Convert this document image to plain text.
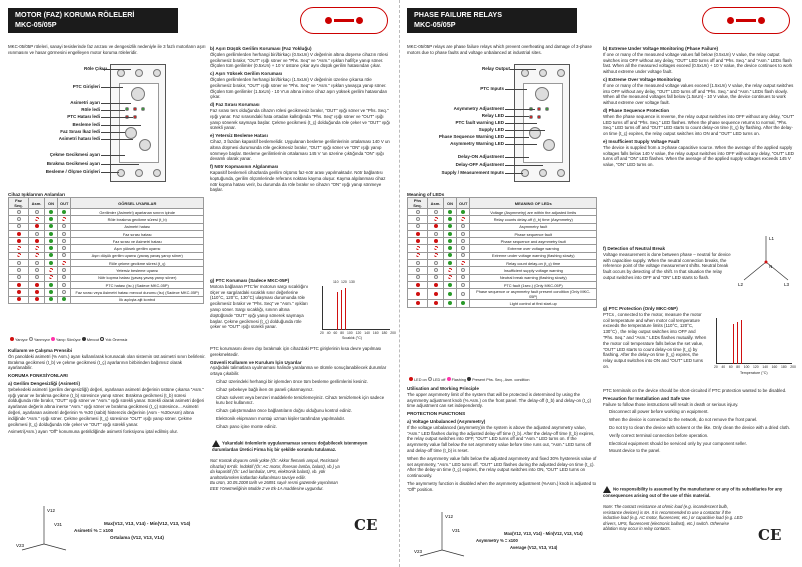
MOTOR (FAZ) KORUMA RÖLELERİ
MKC-05/05P

MKC-05/05P röleleri, sanayi tesislerinde faz arızası ve dengesizlik nedeniyle ile 3 fazlı motorların aşırı ısınmasını ve hasar görmesini engelleyen motor koruma röleleridir.

Röle Çıkışı
PTC Girişleri
Asimetri ayarı
Röle ledi
PTC Hatası ledi
Besleme ledi
Faz Sırası İkaz ledi
Asimetri hatası ledi
Çekme Gecikmesi ayarı
Bırakma Gecikmesi ayarı
Besleme / Ölçme Girişleri
Cihaz Işıklarının Anlamları
Faz Seq.	Asm.	ON	OUT	GÖRSEL UYARILAR
				Gerilimler (Asimetri) ayarlanan sınırın içinde
				Röle bırakma gecikme süresi (t_b)
				Asimetri hatası
				Faz sırası hatası
				Faz sırası ve Asimetri hatası
				Aşırı yüksek gerilim uyarısı
				Aşırı düşük gerilim uyarısı (yavaş yavaş yanıp söner)
				Röle çekme gecikme süresi (t_ç)
				Yetersiz besleme uyarısı
				Nötr kopma hatası (yavaş yavaş yanıp söner)
				PTC hatası (Isı.) (Sadece MKC-05P)
				Faz sırası veya Asimetri hatası mevcut durumu (Isı) (Sadece MKC-05P)
				İlk açılışta ajit kontrol
Yanıyor Yanmıyor Yanıp Sönüyor Mevcut Yok Önemsiz
Kullanım ve Çalışma Prensibi

Ön panoldeki asimetri (% Asm.) ayarı kullanılarak korunacak olan sistemin üst asimetri sınırı belirlenir. Bırakma gecikmesi (t_b) ve çekme gecikmesi (t_ç) ayarlarının birbirinden bağımsız olarak ayarlanabilir.

KORUMA FONKSİYONLARI
a) Gerilim Dengesizliği (Asimetri)

Şebekedeki asimetri (gerilim dengesizliği) değeri, ayarlanan asimetri değerinin üstüne çıkarsa "Asm." ışığı yanar ve bırakma gecikme (t_b) süresince yanıp söner. Bırakma gecikmesi (t_b) süresi dolduğunda röle bırakır, "OUT" ışığı söner ve "Asm." ışığı sürekli yanar. Sürekli olarak asimetri değeri ayarlanan değerin altına inerse "Asm." ışığı söner ve bırakma gecikmesi (t_ç) süresince... Asimetri değeri, ayarlanan asimetri değerinin % %30 (sabit) histerezis değerinin (Asm - %30xAsm) altına indiğinde "Asm." ışığı söner. Çekme gecikmesi (t_ç) süresince "OUT" ışığı yanıp söner. Çekme gecikmesi (t_ç) dolduğunda röle çeker ve "OUT" ışığı sürekli yanar.

Asimetri(Asm.) ayarı "Off" konumuna getirildiğinde asimetri fonksiyonu iptal edilmiş olur.

V12
V31
V23
Max(V12, V13, V14) - Min(V12, V13, V14)
Asimetri % = x100
Ortalama (V12, V13, V14)
b) Aşırı Düşük Gerilim Koruması (Faz Yokluğu)

Ölçülen gerilimlerden herhangi biri/birkaçı (0.5xUn) V değerinin altına düşerse cihazın rölesi gecikmesiz bırakır, "OUT" ışığı söner ve "Phs. Seq" ve "Asm." ışıkları hafifçe yanıp söner. Ölçülen tüm gerilimler (0.5xUn) + 10 V üstüne çıkar aynı düşük gerilim hatasından çıkar.

c) Aşırı Yüksek Gerilim Koruması

Ölçülen gerilimlerden herhangi biri/birkaçı (1.5xUn) V değerinin üzerine çıkarsa röle gecikmesiz bırakır, "OUT" ışığı söner ve "Phs. Seq" ve "Asm." ışıkları yavaşça yanıp söner. Ölçülen tüm gerilimler (1.5xUn) - 10 V'un altına inince cihaz aşırı yüksek gerilim hatasından çıkar.

d) Faz Sırası Koruması

Faz sırası ters olduğunda cihazın rölesi gecikmesiz bırakır, "OUT" ışığı söner ve "Phs. Seq." ışığı yanar. Faz sırasındaki hata ortadan kalktığında "Phs. Seq" ışığı söner ve "OUT" ışığı yanıp sönerek saymaya başlar. Çekme gecikmesi (t_ç) dolduğunda röle çeker ve "OUT" ışığı sürekli yanar.

e) Yetersiz Besleme Hatası

Cihaz, 3 fazdan kapasitif beslemelidir. Uygulanan besleme gerilimlerinin ortalaması 140 V un altına düşmesi durumunda röle gecikmesiz bırakır, "OUT" ışığı söner ve "ON" ışığı yanıp sönmeye başlar. Besleme gerilimlerinin ortalaması 145 V 'un üzerine çıktığında "ON" ışığı devamlı olarak yanar.

f) Nötr Kopmasının Algılanması

Kapasitif beslemeli cihazlarda gerilim ölçümü faz-nötr arası yapılmaktadır. Nötr bağlantısı koptuğunda, gerilim ölçümlerinde referans noktası kayma oluşur. Kayma algılanması cihaz nötr kopma hatası verir, bu durumda da röle bırakır ve cihazın "ON" ışığı yanıp sönmeye başlar.

g) PTC Koruması (Sadece MKC-05P)

Motora bağlanan PTC'ler motorun sargı sıcaklığını ölçer ve sargılardaki sıcaklık sınır değerlerine (110°C, 120°C, 130°C) ulaşması durumunda röle gecikmesiz bırakır ve "Phs. Seq" ve "Asm." ışıkları yanıp söner. Sargı sıcaklığı, sınırın altına düştüğünde "OUT" ışığı yanıp sönerek saymaya başlar. Çekme gecikmesi (t_ç) dolduğunda röle çeker ve "OUT" ışığı sürekli yanar.

110 120 130
20 40 60 80 100 120 140 160 180 200
Sıcaklık (°C)

PTC korumasını devre dışı bırakmak için cihazdaki PTC girişlerinin kısa devre yapılması gerekmektedir.

Güvenli Kullanım ve Kurulum İçin Uyarılar

Aşağıdaki talimatlara uyulmaması halinde yaralanma ve ölümle sonuçlanabilecek durumlar ortaya çıkabilir.

Cihaz üzerindeki herhangi bir işlemden önce tüm besleme gerilimlerini kesiniz.

Cihaz şebekeye bağlı iken ön paneli çıkarmayınız.

Cihazı solvent veya benzeri maddelerle temizlemeyiniz. Cihazı temizlemek için sadece kuru bez kullanınız.

Cihazı çalıştırmadan önce bağlantıların doğru olduğunu kontrol ediniz.

Elektronik ekipmanın montajı uzman kişiler tarafından yapılmalıdır.

Cihazı pano içine monte ediniz.

Yukarıdaki önlemlerin uygulanmaması sonucu doğabilecek istenmeyen durumlardan Üretici Firma hiç bir şekilde sorumlu tutulamaz.

Not: Kontak doyarını omik yükte (Ör: Akkor flemanlı ampul, Rezistanlı cihazlar) 8A'dir. İndüktif (Ör: AC motor, floresan lamba, balast), vb.) ya da kapasitif (Ör: Led lambalar, UPS, elektronik balast), vb. yük anahtarlanırken katlardan kullanılması tavsiye edilir.

Bu ürün, 30.05.2008 tarih ve 26891 sayılı resmi gazetede yayınlanan EEE Yönetmeliğinin Madde 2 ve Ek-1A maddesine uygundur.

CE
PHASE FAILURE RELAYS
MKC-05/05P

MKC-05/05P relays are phase failure relays which prevent overheating and damage of 3-phase motors due to phase faults and voltage unbalanced at industrial sites.

Relay Output
PTC Inputs
Asymmetry Adjustment
Relay LED
PTC fault warning LED
Supply LED
Phase Sequence Warning LED
Asymmetry Warning LED
Delay-ON Adjustment
Delay-OFF Adjustment
Supply / Measurement Inputs
Meaning of LEDs
Phs Seq.	Asm.	ON	OUT	MEANING OF LEDs
				Voltage (Asymmetry) are within the adjusted limits
				Relay counts delay-off (t_b) time (Asymmetry)
				Asymmetry fault
				Phase sequence fault
				Phase sequence and asymmetry fault
				Extreme over voltage warning
				Extreme under voltage warning (flashing slowly)
				Relay count delay-on (t_ç) time
				Insufficient supply voltage warning
				Neutral break warning (flashing slowly)
				PTC fault (1sec.) (Only MKC-05P)
				Phase sequence or asymmetry fault present condition (Only MKC-05P)
				Light control at first start-up
LED on LED off Flashing Present Phs. Seq., Asm. condition
Utilisation and Working Principle

The upper asymmetry limit of the system that will be protected is determined by using the asymmetry adjustment knob (% Asm.) on the front panel. The delay-off (t_b) and delay-on (t_ç) time adjustment can set independently.

PROTECTION FUNCTIONS
a) Voltage Unbalanced (Asymmetry)

If the voltage unbalanced (asymmetry)in the system is above the adjusted asymmetry value, "Asm." LED flashes during the adjusted delay-off time (t_b). After the delay-off time (t_b) expires, the relay output switches into OFF, "OUT" LED turns off and "Asm." LED turns on. If the asymmetry value fall below the set asymmetry value before time runs out, "Asm." LED turns off and delay-off time (t_b) is reset.

When the asymmetry value falls below the adjusted asymmetry and fixed 30% hysteresis value of set asymmetry, "Asm." LED turns off. "OUT" LED flashes during the adjusted delay-on time (t_ç). After the delay-on time (t_ç) expires, the relay output switches into ON, "OUT" LED turns on continuously.

The asymmetry function is disabled when the asymmetry adjustment (%Asm.) knob is adjusted to "Off" position.

V12
V31
V23
Max(V12, V13, V14) - Min(V12, V13, V14)
Asymmetry % = x100
Average (V12, V13, V14)
b) Extreme Under Voltage Monitoring (Phase Failure)

If one or many of the measured voltage values fall below (0.5xUn) V value, the relay output switches into OFF without any delay, "OUT" LED turns off and "Phs. Seq." and "Asm." LEDs flash fast. When all the measured voltages exceed (0.5xUn) + 10 V value, the device continues to work without extreme under voltage fault.

c) Extreme Over Voltage Monitoring

If one or many of the measured voltage values exceed (1.5xUn) V value, the relay output switches into OFF without any delay, "OUT" LED turns off and "Phs. Seq." and "Asm." LEDs flash slowly. When all the measured voltages fall below (1.5xUn) - 10 V value, the device continues to work without extreme over voltage fault.

d) Phase Sequence Protection

When the phase sequence is reverse, the relay output switches into OFF without any delay, "OUT" LED turns off and "Phs. Seq." LED flashes. When the phase sequence returns to normal, "Phs. Seq." LED turns off and "OUT" LED starts to count delay-on time (t_ç) by flashing. After the delay-on time (t_ç) expires, the relay output switches into ON and "OUT" LED turns on.

e) Insufficient Supply Voltage Fault

The device is supplied from a 3-phase capacitive source. When the average of the applied supply voltages falls below 140 V value, the relay output switches into OFF without any delay, "OUT" LED turns off and "ON" LED flashes. When the average of the applied supply voltages exceeds 145 V value, "ON" LED turns on.

f) Detection of Neutral Break

Voltage measurement is done between phase – neutral for device with capacitive supply. When the neutral connection breaks, the reference point of the voltage measurement shifts. Neutral break fault occurs by detecting of the shift. In that situation the relay output switches into OFF and "ON" LED starts to flash.

L1
L2	L3
N
g) PTC Protection (Only MKC-05P)

PTCs , connected to the motor, measure the motor coil temperature and when motor coil temperature exceeds the temperature limits (110°C, 120°C, 130°C) , the relay output switches into OFF and "Phs. Seq." and "Asm." LEDs flashes mutually. When the motor coil temperature falls below the set value, "OUT" LED starts to count delay-on time (t_ç) by flashing. After the delay-on time (t_ç) expires, the relay output switches into ON and "OUT" LED turns on.	20 40 60 80 100 120 140 160 180 200
Temperature (°C)

PTC terminals on the device should be short-circuited if PTC protection wanted to be disabled.

Precaution for Installation and Safe Use

Failure to follow those instructions will result in death or serious injury.

Disconnect all power before working on equipment.

When the device is connected to the network, do not remove the front panel.

Do not try to clean the device with solvent or the like. Only clean the device with a dried cloth.

Verify correct terminal connection before operation.

Electrical equipment should be serviced only by your component seller.

Mount device to the panel.

No responsibility is assumed by the manufacturer or any of its subsidiaries for any consequences arising out of the use of this material.

Note: The contact resistance at ohmic load (e.g. incandescent bulb, resistance devices) is 8A. It is recommended to use a contactor if the inductive load (e.g. AC motor, fluorescent, etc.) or capacitive load (e.g. LED drivers, UPS, fluorescent (electronic ballast), etc.) switch. Otherwise ablation may occur in relay contacts.	CE
